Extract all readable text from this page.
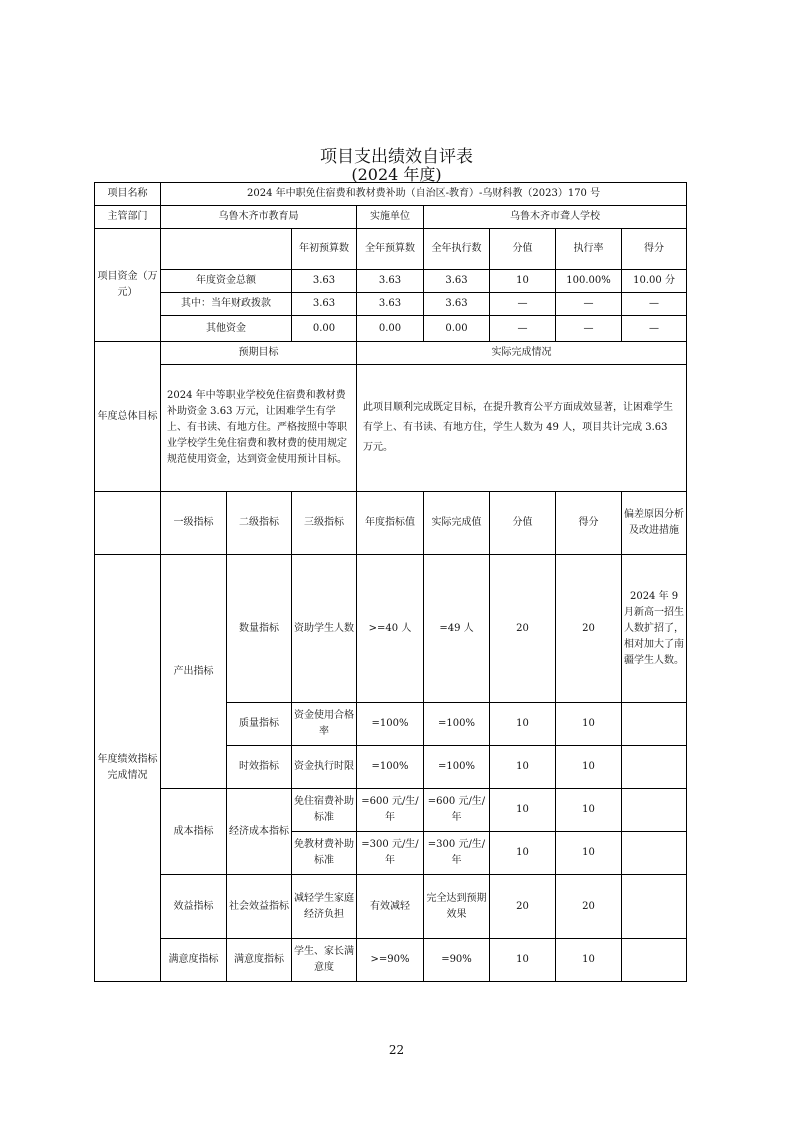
项目支出绩效自评表
(2024 年度)
项目名称	2024 年中职免住宿费和教材费补助（自治区-教育）-乌财科教（2023）170 号							
主管部门	乌鲁木齐市教育局			实施单位	乌鲁木齐市聋人学校			
项目资金（万元）			年初预算数	全年预算数	全年执行数	分值	执行率	得分
	年度资金总额		3.63	3.63	3.63	10	100.00%	10.00 分
	其中：当年财政拨款		3.63	3.63	3.63	—	—	—
	其他资金		0.00	0.00	0.00	—	—	—
年度总体目标	预期目标			实际完成情况				
	2024 年中等职业学校免住宿费和教材费补助资金 3.63 万元，让困难学生有学上、有书读、有地方住。严格按照中等职业学校学生免住宿费和教材费的使用规定规范使用资金，达到资金使用预计目标。			此项目顺利完成既定目标，在提升教育公平方面成效显著，让困难学生有学上、有书读、有地方住，学生人数为 49 人，项目共计完成 3.63 万元。				
	一级指标	二级指标	三级指标	年度指标值	实际完成值	分值	得分	偏差原因分析及改进措施
年度绩效指标完成情况	产出指标	数量指标	资助学生人数	>=40 人	=49 人	20	20	2024 年 9 月新高一招生人数扩招了，相对加大了南疆学生人数。
		质量指标	资金使用合格率	=100%	=100%	10	10	
		时效指标	资金执行时限	=100%	=100%	10	10	
	成本指标	经济成本指标	免住宿费补助标准	=600 元/生/年	=600 元/生/年	10	10	
			免教材费补助标准	=300 元/生/年	=300 元/生/年	10	10	
	效益指标	社会效益指标	减轻学生家庭经济负担	有效减轻	完全达到预期效果	20	20	
	满意度指标	满意度指标	学生、家长满意度	>=90%	=90%	10	10	
22
